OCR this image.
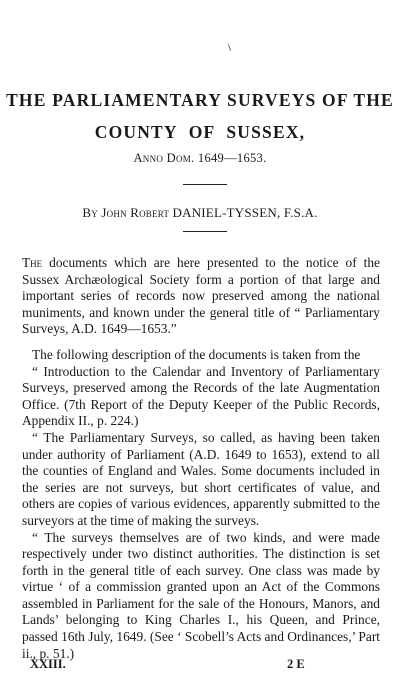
THE PARLIAMENTARY SURVEYS OF THE
COUNTY OF SUSSEX,

Anno Dom. 1649—1653.

By John Robert DANIEL-TYSSEN, F.S.A.

The documents which are here presented to the notice of the Sussex Archæological Society form a portion of that large and important series of records now preserved among the national muniments, and known under the general title of “ Parliamentary Surveys, A.D. 1649—1653.”

The following description of the documents is taken from the

“ Introduction to the Calendar and Inventory of Parliamentary Surveys, preserved among the Records of the late Augmentation Office. (7th Report of the Deputy Keeper of the Public Records, Appendix II., p. 224.)

“ The Parliamentary Surveys, so called, as having been taken under authority of Parliament (A.D. 1649 to 1653), extend to all the counties of England and Wales. Some documents included in the series are not surveys, but short certificates of value, and others are copies of various evidences, apparently submitted to the surveyors at the time of making the surveys.

“ The surveys themselves are of two kinds, and were made respectively under two distinct authorities. The distinction is set forth in the general title of each survey. One class was made by virtue ‘ of a commission granted upon an Act of the Commons assembled in Parliament for the sale of the Honours, Manors, and Lands’ belonging to King Charles I., his Queen, and Prince, passed 16th July, 1649. (See ‘ Scobell’s Acts and Ordinances,’ Part ii., p. 51.)

XXIII.	2 E
